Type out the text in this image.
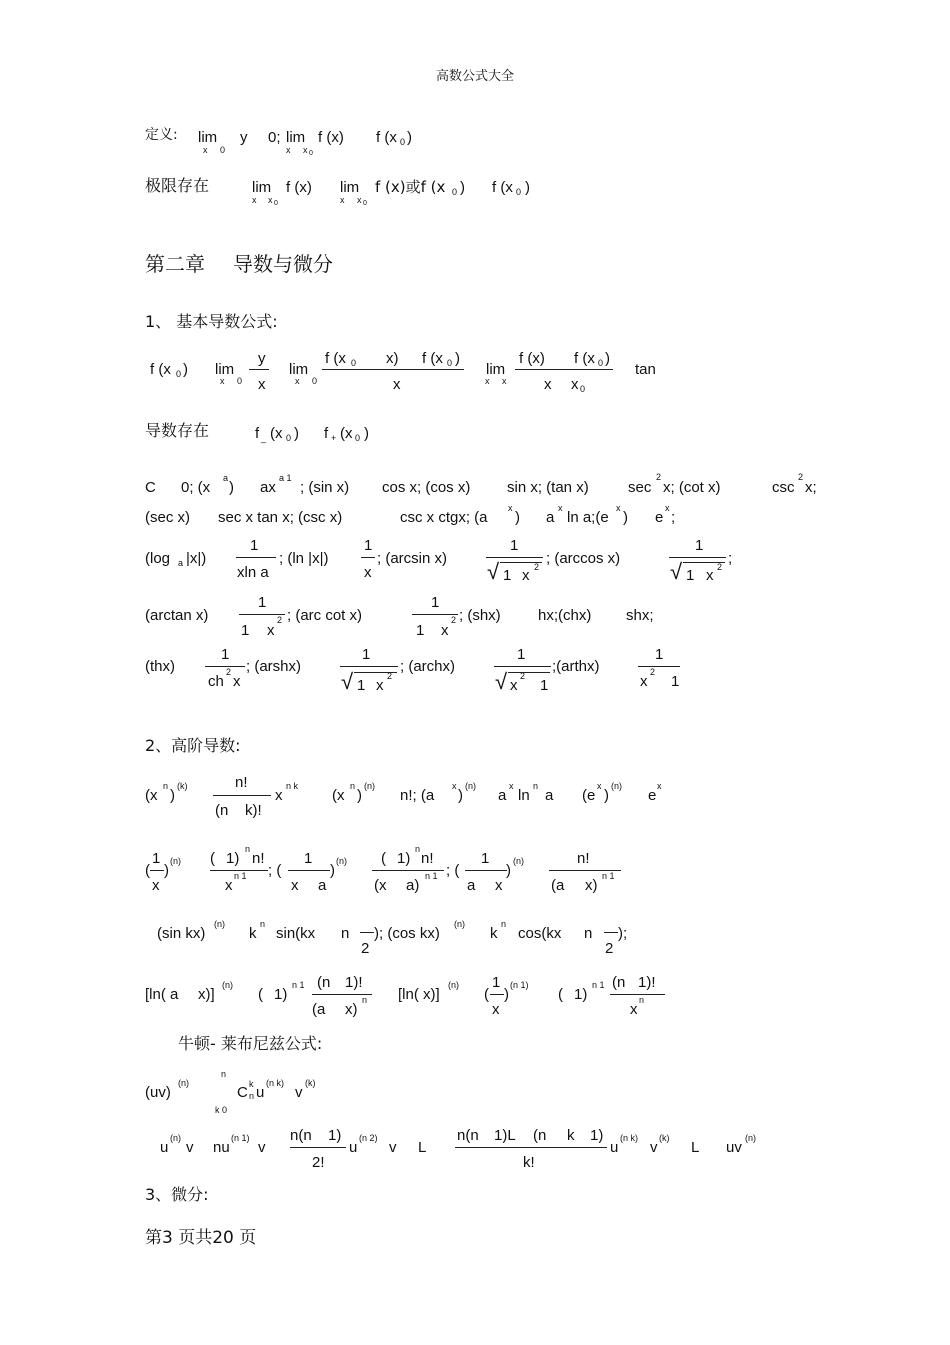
高数公式大全
定义: lim
x 0
y 0; lim
x x 0
f (x) f (x 0 )
极限存在	lim
x x 0
f (x) lim
x x 0
f (x)或f (x 0 ) f (x 0 )
第二章 导数与微分
1、 基本导数公式:
f (x 0 ) lim
x 0
y
x
lim
x 0
f (x 0 x) f (x 0 )
x
lim
x x
f (x) f (x 0 )
x x 0
tan
导数存在	f _ (x 0 ) f + (x 0 )
C 0; (x
a
) ax
a 1
; (sin x) cos x; (cos x) sin x; (tan x)	sec
2
x; (cot x)	csc
2
x;
(sec x) sec x tan x; (csc x)	csc x ctgx; (a
x
) a
x
ln a;(e
x
) e
x
;
(log a |x|)
1
xln a
; (ln |x|)
1
x
; (arcsin x)
1
√ 1 x 2 ; (arccos x)
1
√ 1 x 2 ;
(arctan x)
1
1 x
2 ; (arc cot x)
1
1 x
2 ; (shx) hx;(chx) shx;
(thx)
1
ch
2
x
; (arshx)
1
√ 1 x
2
; (archx)
1
√ x
2
1
;(arthx)
1
x
2
1
2、高阶导数:
(x
n
)
(k)	n!
(n k)!
x
n k
(x
n
)
(n)
n!; (a
x
)
(n)
a
x
ln
n
a (e
x
)
(n)
e
x
(
1
x
)
(n) ( 1)
n
n!
x
n 1 ; (
1
x a
)
(n) ( 1)
n
n!
(x a)
n 1 ; (
1
a x
)
(n)	n!
(a x)
n 1
(sin kx)
(n)
k
n
sin(kx n
2
); (cos kx)
(n)
k
n
cos(kx n
2
);
[ln( a x)]
(n)
( 1)
n 1 (n 1)!
(a x)
n [ln( x)]
(n)
(
1
x
)
(n 1)
( 1)
n 1 (n 1)!
x
n
牛顿- 莱布尼兹公式:
(uv)
(n)
n
k 0
C k
n u
(n k)
v
(k)
u
(n)
v nu
(n 1)
v
n(n 1)
2!
u
(n 2)
v L
n(n 1)L (n k 1)
k!
u
(n k)
v
(k)
L uv
(n)
3、微分:
第3 页共20 页
